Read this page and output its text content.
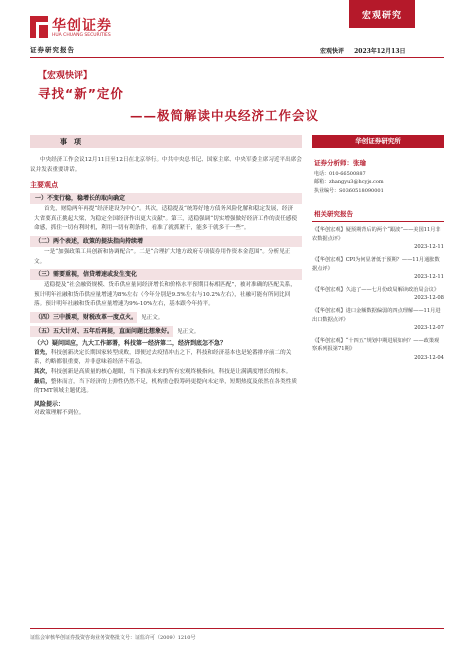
华创证券
HUA CHUANG SECURITIES
证券研究报告
宏观研究
宏观快评 2023年12月13日
【宏观快评】
寻找“新”定价
——极简解读中央经济工作会议
事　项

中央经济工作会议12月11日至12日在北京举行。中共中央总书记、国家主席、中央军委主席习近平出席会议并发表重要讲话。

主要观点
一）不变行稳，稳增长的取向确定

首先，财隐两年再提“经济建设为中心”。其次，适稳提及“统筹好地方债务风险化解和稳定发展，经济大省要真正挑起大梁，为稳定全国经济作出更大贡献”。第三，适稳强调“切实增强做好经济工作的责任感使命感，抓住一切有利时机，利用一切有利条件，看准了就抓紧干，能多干就多干一些”。

（二）两个表述，政策的提法指向持续增

一是“加强政策工具创新和协调配合”。二是“合理扩大地方政府专项债券用作资本金范围”。分析见正文。

（三）需要重视，信贷增速或发生变化

适稳提及“社会融资规模、货币供应量同经济增长和价格水平预期目标相匹配”，被对准确的匹配关系，预计明年社融和货币供应量增速为8%左右（今年分别是9.5%左右与10.2%左右），社融可能有所同比回落。预计明年社融和货币供应量增速为9%-10%左右，基本跟今年持平。

（四）三中援项，财税改革一度点火。 见正文。
（五）五大计对、五年后再提，直面问题比想象好。 见正文。
（六）疑问回应，九大工作部署，科技第一经济第二，经济到底怎不急？

首先，科技创新决定长期国家转型成败，即便过去疫情冲击之下，科技和经济基本也是轮番排序前二的关系，约略都很重要，并非意味着经济不着急。

其次，科技创新是高质量的核心题眼，当下推演未来的所有宏观终极指向，科技是让满满度增长的根本。

最后，整体而言，当下经济的上弹性仍然不足，机构重仓股筹码更提向未定举，短期热度及依然在各类性质的TMT领域主题优选。

风险提示：

对政策理解不到位。

华创证券研究所
证券分析师：张瑜
电话：010-66500887
邮箱：zhangyu3@hcyjs.com
执业编号：S0360518090001
相关研究报告
《【华创宏观】疑预期背后的两个“跟波”——美国11月非农数据点评》
2023-12-11
《【华创宏观】CPI为何显著低于预期？——11月通胀数据点评》
2023-12-11
《【华创宏观】久违了——七月份政局解读政治局会议》
2023-12-08
《【华创宏观】进口金额数据偏弱的四点理解——11月进出口数据点评》
2023-12-07
《【华创宏观】“十四五”规划中期进展如何？——政策观察系列报第71期》
2023-12-04
证监会审核华创证券投资咨询业务资格批文号：证监许可（2009）1210号
